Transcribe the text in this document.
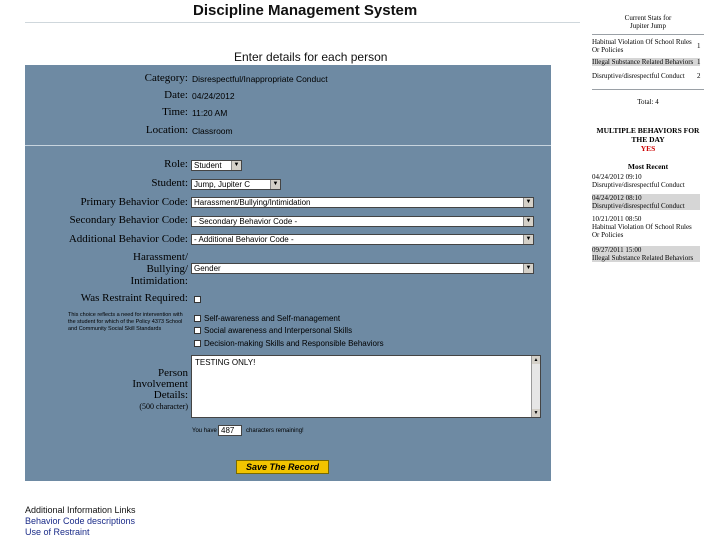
Discipline Management System
Enter details for each person
Category: Disrespectful/Inappropriate Conduct
Date: 04/24/2012
Time: 11:20 AM
Location: Classroom
Role: Student	▼
Student: Jump, Jupiter C	▼
Primary Behavior Code: Harassment/Bullying/Intimidation	▼
Secondary Behavior Code: - Secondary Behavior Code -	▼
Additional Behavior Code: - Additional Behavior Code -	▼
Harassment/
Bullying/
Intimidation:
Gender	▼
Was Restraint Required:
This choice reflects a need for intervention with the student for which of the Policy 4373 School and Community Social Skill Standards
Self-awareness and Self-management
Social awareness and Interpersonal Skills
Decision-making Skills and Responsible Behaviors
Person
Involvement
Details:
(500 character)
TESTING ONLY!	▲
▼
You have 487	characters remaining!
Save The Record
Additional Information Links
Behavior Code descriptions
Use of Restraint
Current Stats for
Jupiter Jump
Habitual Violation Of School Rules Or Policies	1
Illegal Substance Related Behaviors 1
Disruptive/disrespectful Conduct	2
Total: 4
MULTIPLE BEHAVIORS FOR
THE DAY
YES
Most Recent
04/24/2012 09:10
Disruptive/disrespectful Conduct
04/24/2012 08:10
Disruptive/disrespectful Conduct
10/21/2011 08:50
Habitual Violation Of School Rules Or Policies
09/27/2011 15:00
Illegal Substance Related Behaviors
